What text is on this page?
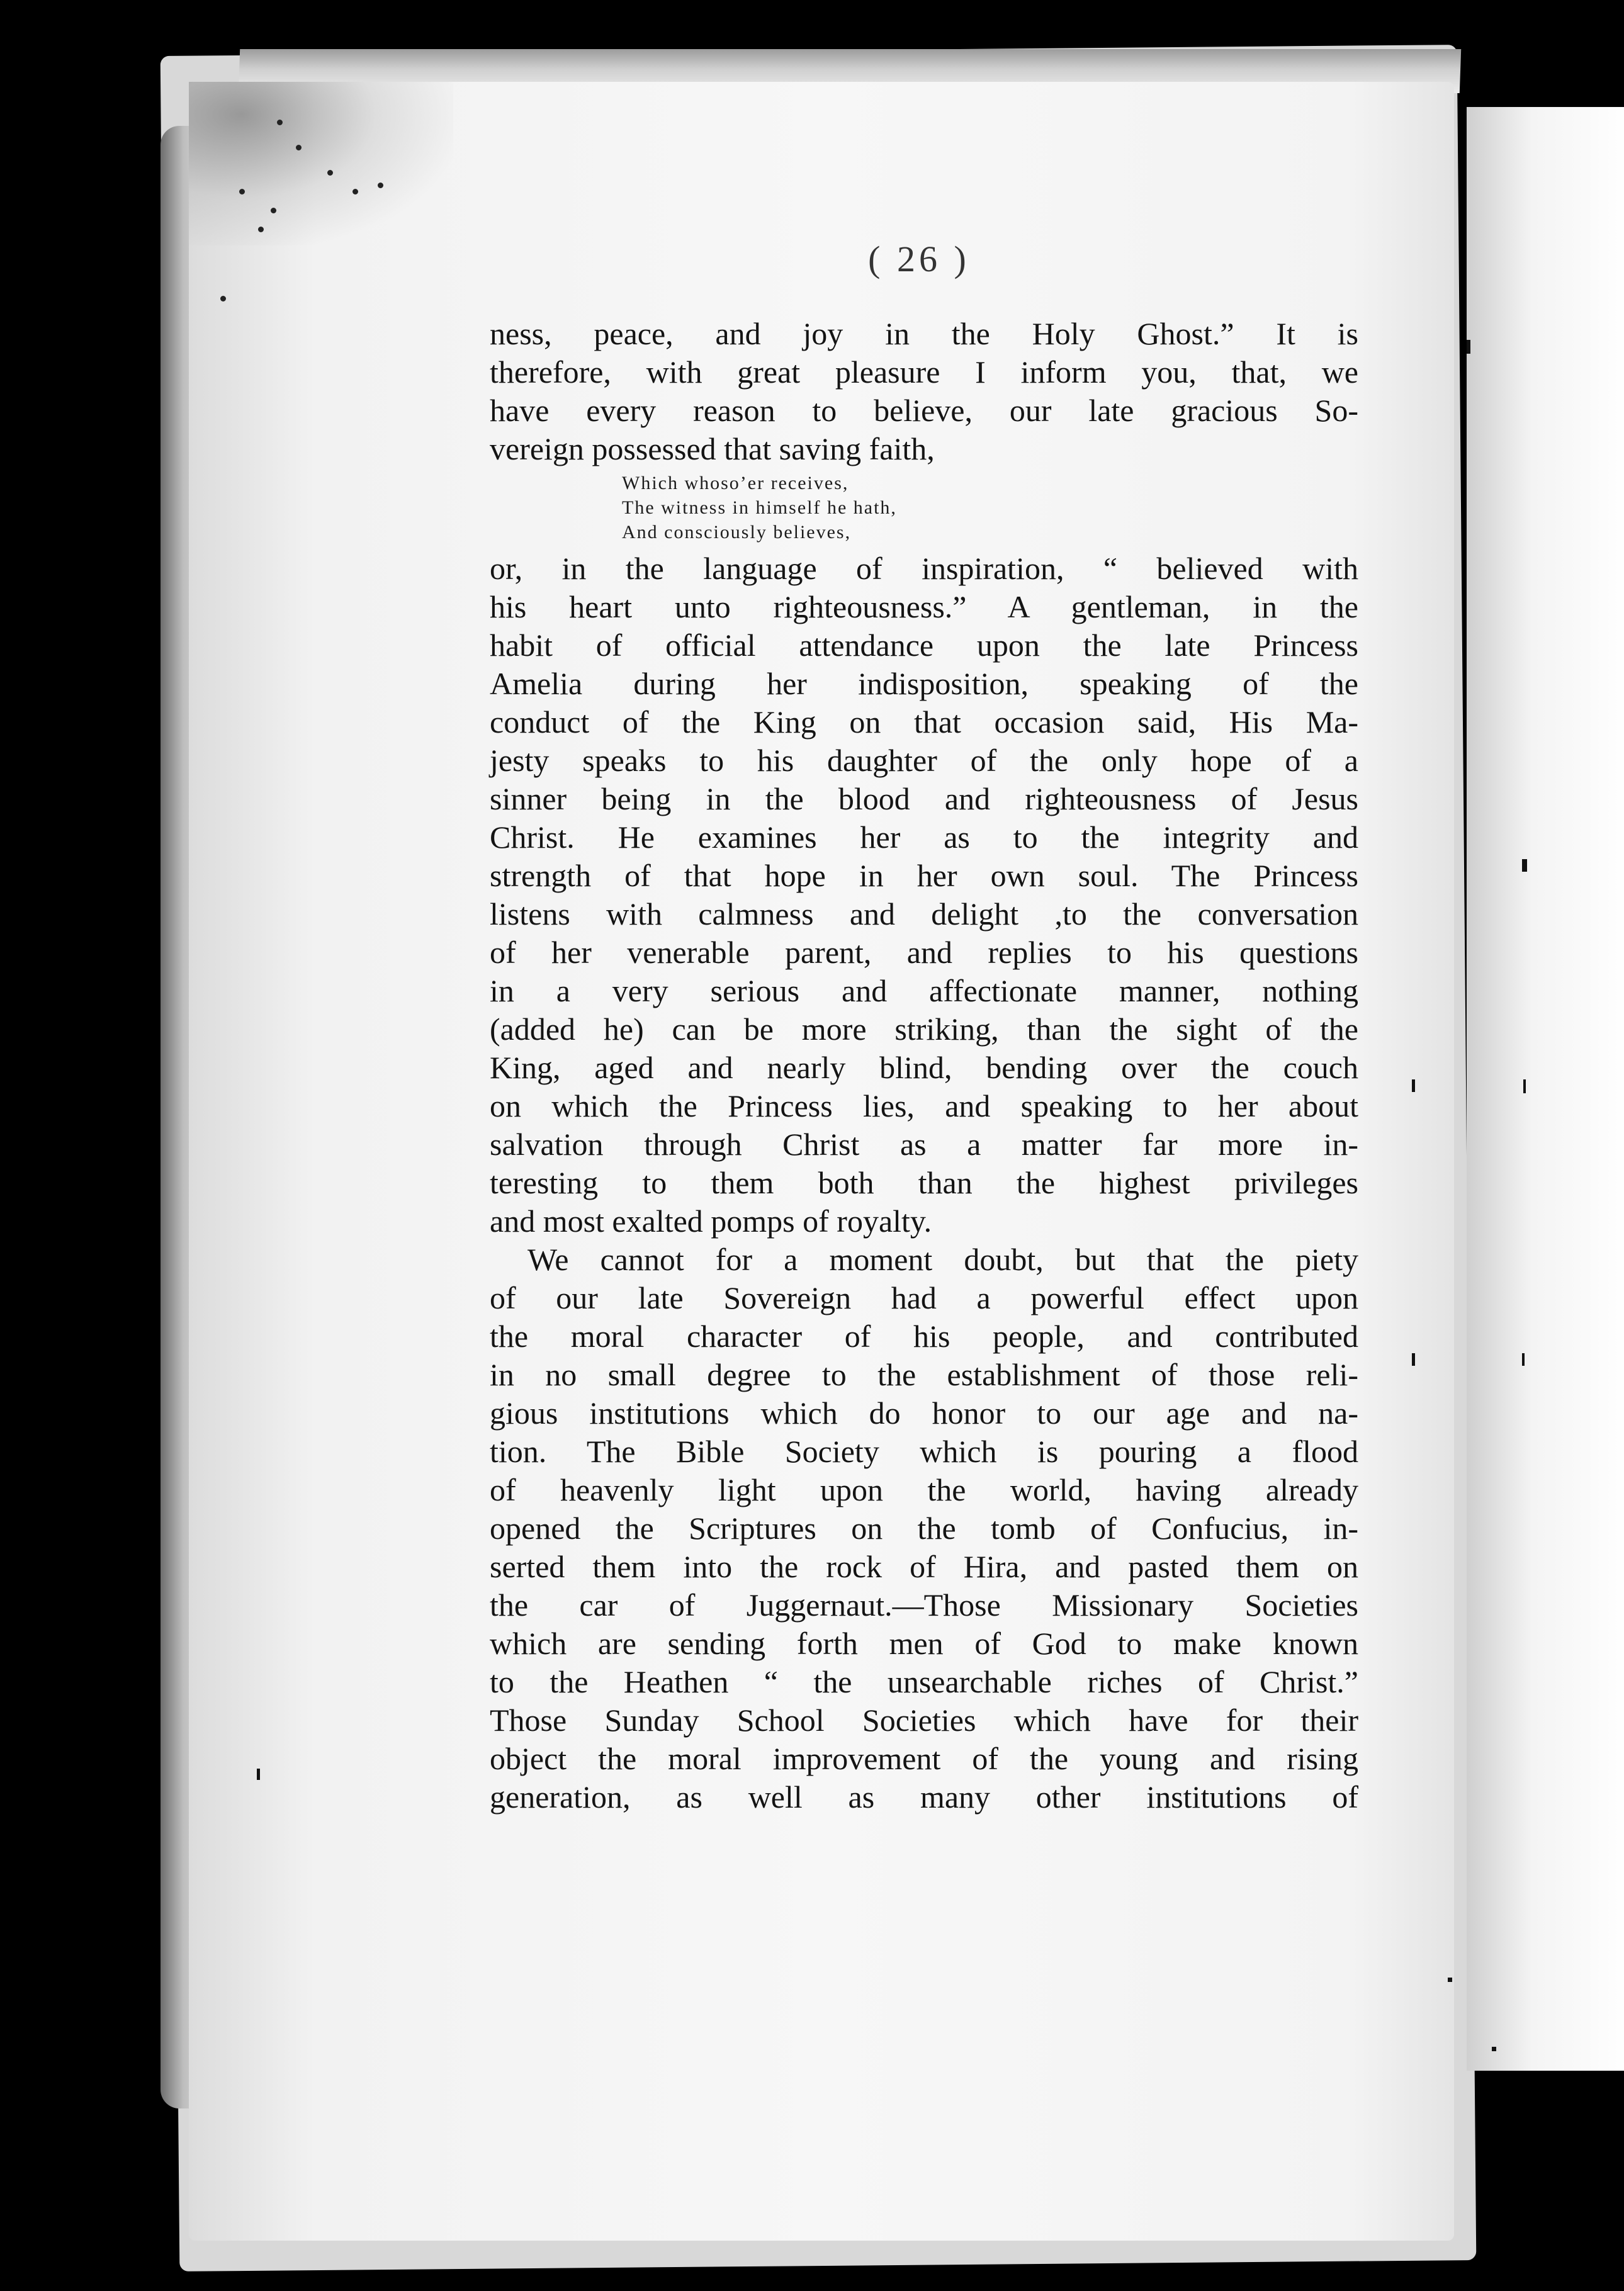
( 26 )

ness, peace, and joy in the Holy Ghost.” It is
therefore, with great pleasure I inform you, that, we
have every reason to believe, our late gracious So-
vereign possessed that saving faith,
Which whoso’er receives,
The witness in himself he hath,
And consciously believes,
or, in the language of inspiration, “ believed with
his heart unto righteousness.” A gentleman, in the
habit of official attendance upon the late Princess
Amelia during her indisposition, speaking of the
conduct of the King on that occasion said, His Ma-
jesty speaks to his daughter of the only hope of a
sinner being in the blood and righteousness of Jesus
Christ. He examines her as to the integrity and
strength of that hope in her own soul. The Princess
listens with calmness and delight ,to the conversation
of her venerable parent, and replies to his questions
in a very serious and affectionate manner, nothing
(added he) can be more striking, than the sight of the
King, aged and nearly blind, bending over the couch
on which the Princess lies, and speaking to her about
salvation through Christ as a matter far more in-
teresting to them both than the highest privileges
and most exalted pomps of royalty.
We cannot for a moment doubt, but that the piety
of our late Sovereign had a powerful effect upon
the moral character of his people, and contributed
in no small degree to the establishment of those reli-
gious institutions which do honor to our age and na-
tion. The Bible Society which is pouring a flood
of heavenly light upon the world, having already
opened the Scriptures on the tomb of Confucius, in-
serted them into the rock of Hira, and pasted them on
the car of Juggernaut.—Those Missionary Societies
which are sending forth men of God to make known
to the Heathen “ the unsearchable riches of Christ.”
Those Sunday School Societies which have for their
object the moral improvement of the young and rising
generation, as well as many other institutions of
